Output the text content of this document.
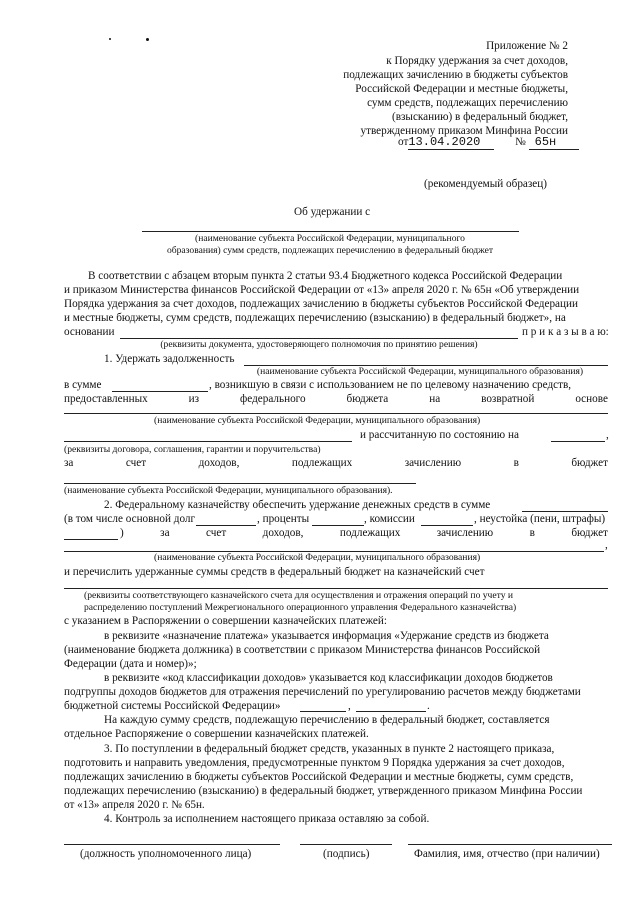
Приложение № 2
к Порядку удержания за счет доходов,
подлежащих зачислению в бюджеты субъектов
Российской Федерации и местные бюджеты,
сумм средств, подлежащих перечислению
(взысканию) в федеральный бюджет,
утвержденному приказом Минфина России
от13.04.2020	№ 65н
(рекомендуемый образец)
Об удержании с
(наименование субъекта Российской Федерации, муниципального
образования) сумм средств, подлежащих перечислению в федеральный бюджет
В соответствии с абзацем вторым пункта 2 статьи 93.4 Бюджетного кодекса Российской Федерации
и приказом Министерства финансов Российской Федерации от «13» апреля 2020 г. № 65н «Об утверждении
Порядка удержания за счет доходов, подлежащих зачислению в бюджеты субъектов Российской Федерации
и местные бюджеты, сумм средств, подлежащих перечислению (взысканию) в федеральный бюджет», на
основании	п р и к а з ы в а ю:
(реквизиты документа, удостоверяющего полномочия по принятию решения)
1. Удержать задолженность
(наименование субъекта Российской Федерации, муниципального образования)
в сумме	, возникшую в связи с использованием не по целевому назначению средств,
предоставленных	из	федерального	бюджета	на	возвратной	основе
(наименование субъекта Российской Федерации, муниципального образования)
и рассчитанную по состоянию на	,
(реквизиты договора, соглашения, гарантии и поручительства)
за	счет	доходов,	подлежащих	зачислению	в	бюджет
(наименование субъекта Российской Федерации, муниципального образования).
2. Федеральному казначейству обеспечить удержание денежных средств в сумме
(в том числе основной долг	, проценты	, комиссии	, неустойка (пени, штрафы)
)	за	счет	доходов,	подлежащих	зачислению	в	бюджет
,
(наименование субъекта Российской Федерации, муниципального образования)
и перечислить удержанные суммы средств в федеральный бюджет на казначейский счет
(реквизиты соответствующего казначейского счета для осуществления и отражения операций по учету и
распределению поступлений Межрегионального операционного управления Федерального казначейства)
с указанием в Распоряжении о совершении казначейских платежей:
в реквизите «назначение платежа» указывается информация «Удержание средств из бюджета
(наименование бюджета должника) в соответствии с приказом Министерства финансов Российской
Федерации (дата и номер)»;
в реквизите «код классификации доходов» указывается код классификации доходов бюджетов
подгруппы доходов бюджетов для отражения перечислений по урегулированию расчетов между бюджетами
бюджетной системы Российской Федерации»	,	.
На каждую сумму средств, подлежащую перечислению в федеральный бюджет, составляется
отдельное Распоряжение о совершении казначейских платежей.
3. По поступлении в федеральный бюджет средств, указанных в пункте 2 настоящего приказа,
подготовить и направить уведомления, предусмотренные пунктом 9 Порядка удержания за счет доходов,
подлежащих зачислению в бюджеты субъектов Российской Федерации и местные бюджеты, сумм средств,
подлежащих перечислению (взысканию) в федеральный бюджет, утвержденного приказом Минфина России
от «13» апреля 2020 г. № 65н.
4. Контроль за исполнением настоящего приказа оставляю за собой.
(должность уполномоченного лица)	(подпись)	Фамилия, имя, отчество (при наличии)
